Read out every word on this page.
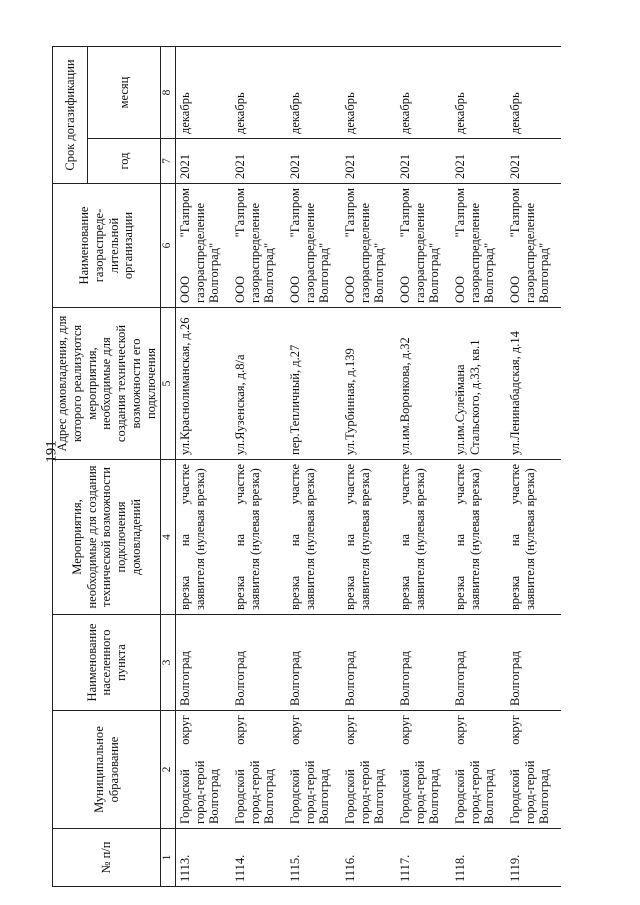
191
№ п/п	Муниципальное образование	Наименование населенного пункта	Мероприятия, необходимые для создания технической возможности подключения домовладений	Адрес домовладения, для которого реализуются мероприятия, необходимые для создания технической возможности его подключения	Наименование газораспреде-лительной организации	Срок догазификации	
						год	месяц
1	2	3	4	5	6	7	8
1113.	Городской округ город-герой Волгоград	Волгоград	врезка на участке заявителя (нулевая врезка)	ул.Краснолиманская, д.26	ООО "Газпром газораспределение Волгоград"	2021	декабрь
1114.	Городской округ город-герой Волгоград	Волгоград	врезка на участке заявителя (нулевая врезка)	ул.Яузенская, д.8/а	ООО "Газпром газораспределение Волгоград"	2021	декабрь
1115.	Городской округ город-герой Волгоград	Волгоград	врезка на участке заявителя (нулевая врезка)	пер.Тепличный, д.27	ООО "Газпром газораспределение Волгоград"	2021	декабрь
1116.	Городской округ город-герой Волгоград	Волгоград	врезка на участке заявителя (нулевая врезка)	ул.Турбинная, д.139	ООО "Газпром газораспределение Волгоград"	2021	декабрь
1117.	Городской округ город-герой Волгоград	Волгоград	врезка на участке заявителя (нулевая врезка)	ул.им.Воронкова, д.32	ООО "Газпром газораспределение Волгоград"	2021	декабрь
1118.	Городской округ город-герой Волгоград	Волгоград	врезка на участке заявителя (нулевая врезка)	ул.им.Сулейманa Стальского, д.33, кв.1	ООО "Газпром газораспределение Волгоград"	2021	декабрь
1119.	Городской округ город-герой Волгоград	Волгоград	врезка на участке заявителя (нулевая врезка)	ул.Ленинабадская, д.14	ООО "Газпром газораспределение Волгоград"	2021	декабрь
